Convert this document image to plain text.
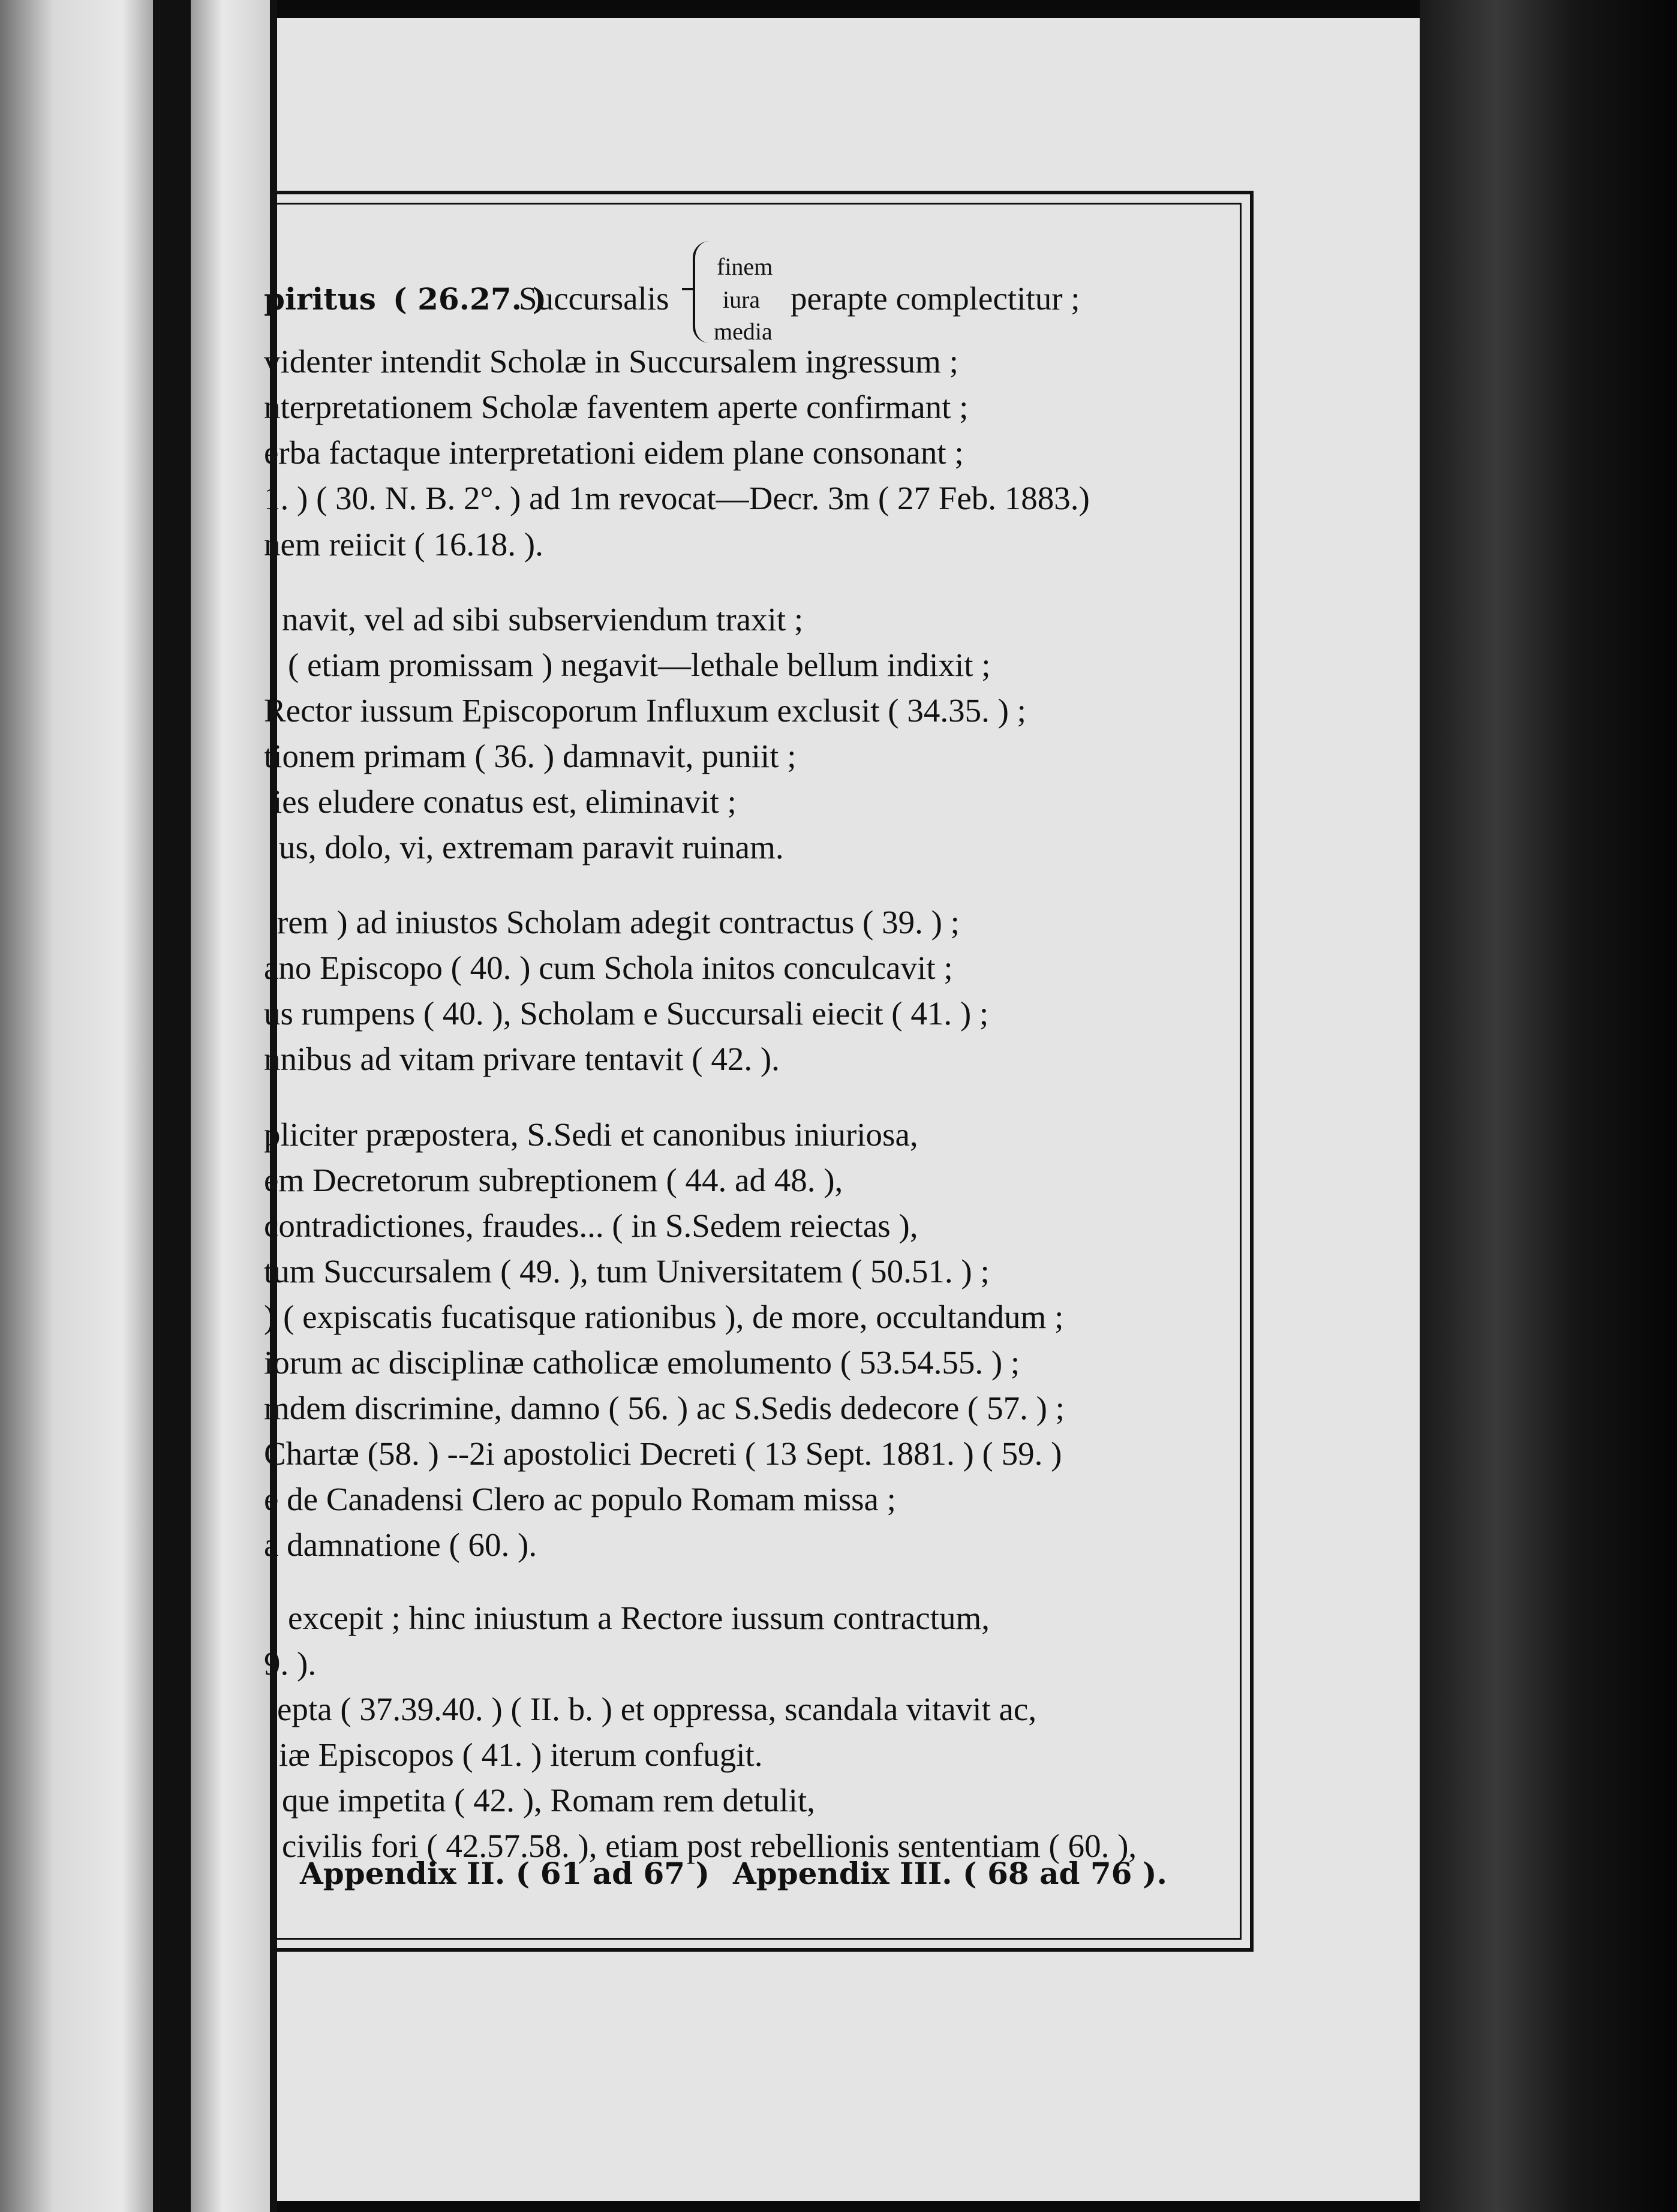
piritus ( 26.27. )
Succursalis
finem
iura
media
perapte complectitur ;
videnter intendit Scholæ in Succursalem ingressum ;
nterpretationem Scholæ faventem aperte confirmant ;
erba factaque interpretationi eidem plane consonant ;
1. ) ( 30. N. B. 2°. ) ad 1m revocat—Decr. 3m ( 27 Feb. 1883.)
nem reiicit ( 16.18. ).
navit, vel ad sibi subserviendum traxit ;
( etiam promissam ) negavit—lethale bellum indixit ;
Rector iussum Episcoporum Influxum exclusit ( 34.35. ) ;
tionem primam ( 36. ) damnavit, puniit ;
ies eludere conatus est, eliminavit ;
us, dolo, vi, extremam paravit ruinam.
rem ) ad iniustos Scholam adegit contractus ( 39. ) ;
ano Episcopo ( 40. ) cum Schola initos conculcavit ;
us rumpens ( 40. ), Scholam e Succursali eiecit ( 41. ) ;
nnibus ad vitam privare tentavit ( 42. ).
pliciter præpostera, S.Sedi et canonibus iniuriosa,
em Decretorum subreptionem ( 44. ad 48. ),
contradictiones, fraudes... ( in S.Sedem reiectas ),
tum Succursalem ( 49. ), tum Universitatem ( 50.51. ) ;
) ( expiscatis fucatisque rationibus ), de more, occultandum ;
iorum ac disciplinæ catholicæ emolumento ( 53.54.55. ) ;
mdem discrimine, damno ( 56. ) ac S.Sedis dedecore ( 57. ) ;
Chartæ (58. ) --2i apostolici Decreti ( 13 Sept. 1881. ) ( 59. )
e de Canadensi Clero ac populo Romam missa ;
a damnatione ( 60. ).
excepit ; hinc iniustum a Rectore iussum contractum,
9. ).
epta ( 37.39.40. ) ( II. b. ) et oppressa, scandala vitavit ac,
iæ Episcopos ( 41. ) iterum confugit.
que impetita ( 42. ), Romam rem detulit,
civilis fori ( 42.57.58. ), etiam post rebellionis sententiam ( 60. ),
Appendix II. ( 61 ad 67 ) Appendix III. ( 68 ad 76 ).
